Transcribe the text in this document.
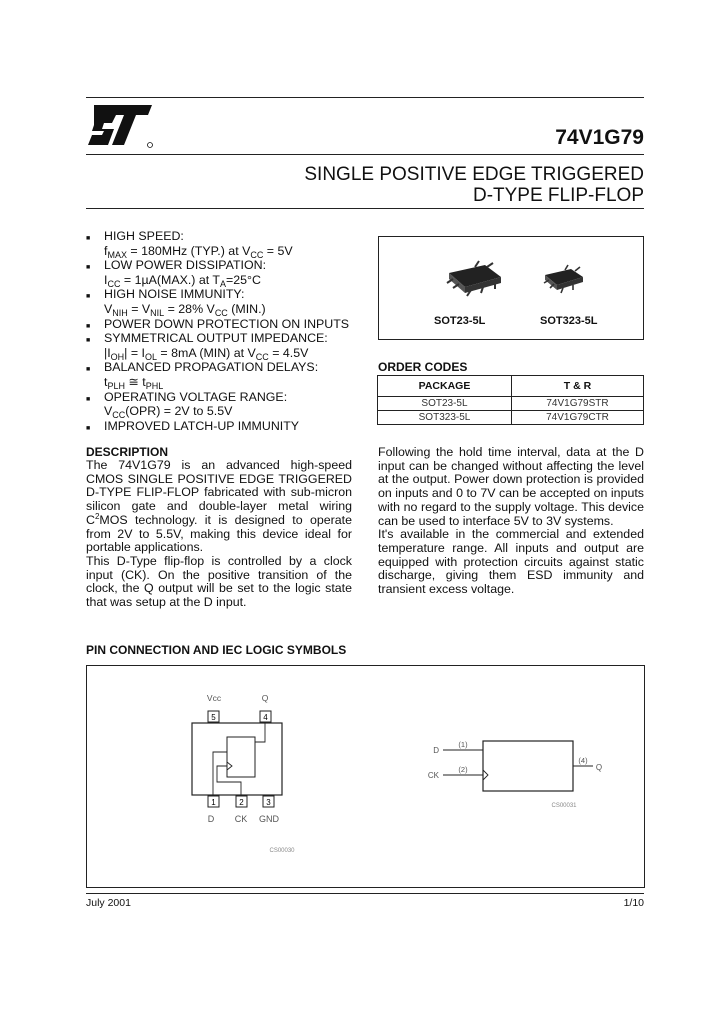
74V1G79
SINGLE POSITIVE EDGE TRIGGERED
D-TYPE FLIP-FLOP
■ HIGH SPEED:
$f_{MAX} = 180MHz$ (TYP.) at $V_{CC} = 5V$
■ LOW POWER DISSIPATION:
$I_{CC} = 1\mu A(MAX.)$ at $T_A=25^\circ C$
■ HIGH NOISE IMMUNITY:
$V_{NIH} = V_{NIL} = 28\%$ $V_{CC}$ (MIN.)
■ POWER DOWN PROTECTION ON INPUTS
■ SYMMETRICAL OUTPUT IMPEDANCE:
$|I_{OH}| = I_{OL} = 8mA$ (MIN) at $V_{CC} = 4.5V$
■ BALANCED PROPAGATION DELAYS:
$t_{PLH}$ ≅ $t_{PHL}$
■ OPERATING VOLTAGE RANGE:
$V_{CC}(OPR) = 2V$ to 5.5V
■ IMPROVED LATCH-UP IMMUNITY
SOT23-5L	SOT323-5L
ORDER CODES
PACKAGE	T & R
SOT23-5L	74V1G79STR
SOT323-5L	74V1G79CTR
DESCRIPTION
The 74V1G79 is an advanced high-speed CMOS SINGLE POSITIVE EDGE TRIGGERED D-TYPE FLIP-FLOP fabricated with sub-micron silicon gate and double-layer metal wiring $C^2MOS$ technology. it is designed to operate from 2V to 5.5V, making this device ideal for portable applications.
This D-Type flip-flop is controlled by a clock input (CK). On the positive transition of the clock, the Q output will be set to the logic state that was setup at the D input.
Following the hold time interval, data at the D input can be changed without affecting the level at the output. Power down protection is provided on inputs and 0 to 7V can be accepted on inputs with no regard to the supply voltage. This device can be used to interface 5V to 3V systems.
It's available in the commercial and extended temperature range. All inputs and output are equipped with protection circuits against static discharge, giving them ESD immunity and transient excess voltage.
PIN CONNECTION AND IEC LOGIC SYMBOLS
5	4
1	2	3
Vcc	Q
D CK GND
CS00030
D
CK
(1)
(2)
(4)
Q
CS00031
July 2001	1/10
